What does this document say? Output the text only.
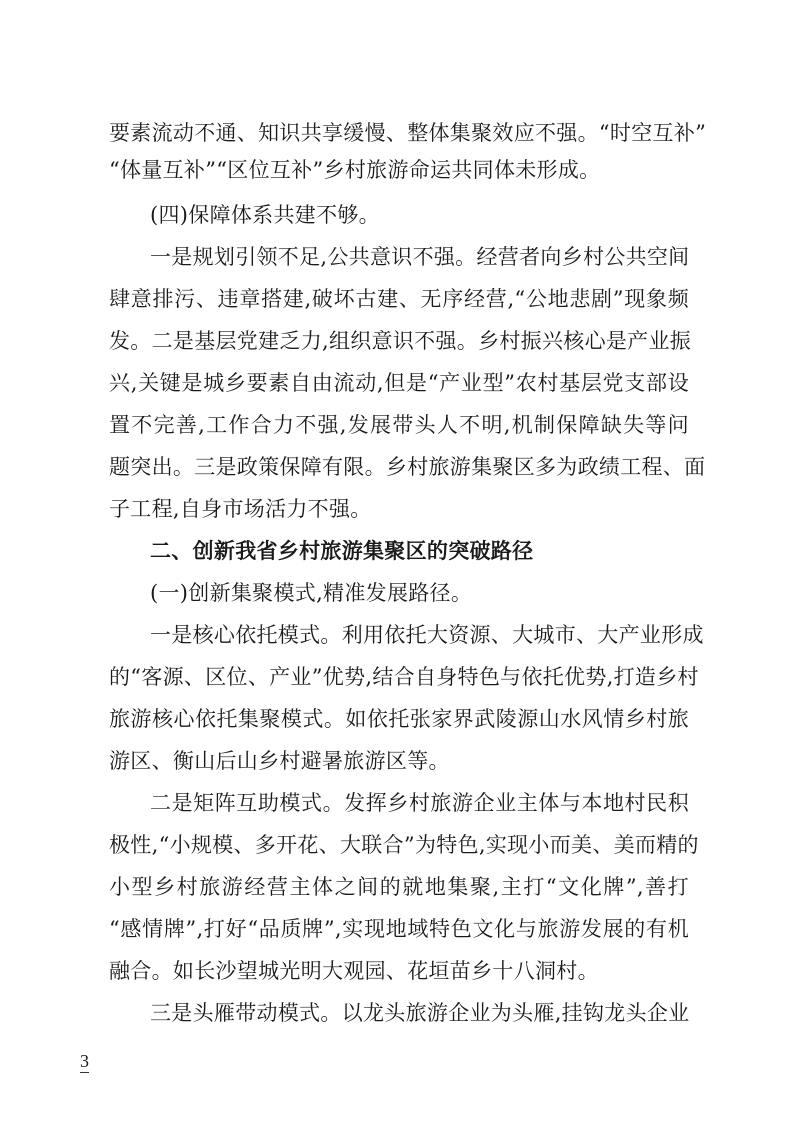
要素流动不通、知识共享缓慢、整体集聚效应不强。“时空互补”
“体量互补”“区位互补”乡村旅游命运共同体未形成。
(四)保障体系共建不够。
一是规划引领不足,公共意识不强。经营者向乡村公共空间
肆意排污、违章搭建,破坏古建、无序经营,“公地悲剧”现象频
发。二是基层党建乏力,组织意识不强。乡村振兴核心是产业振
兴,关键是城乡要素自由流动,但是“产业型”农村基层党支部设
置不完善,工作合力不强,发展带头人不明,机制保障缺失等问
题突出。三是政策保障有限。乡村旅游集聚区多为政绩工程、面
子工程,自身市场活力不强。
二、创新我省乡村旅游集聚区的突破路径
(一)创新集聚模式,精准发展路径。
一是核心依托模式。利用依托大资源、大城市、大产业形成
的“客源、区位、产业”优势,结合自身特色与依托优势,打造乡村
旅游核心依托集聚模式。如依托张家界武陵源山水风情乡村旅
游区、衡山后山乡村避暑旅游区等。
二是矩阵互助模式。发挥乡村旅游企业主体与本地村民积
极性,“小规模、多开花、大联合”为特色,实现小而美、美而精的
小型乡村旅游经营主体之间的就地集聚,主打“文化牌”,善打
“感情牌”,打好“品质牌”,实现地域特色文化与旅游发展的有机
融合。如长沙望城光明大观园、花垣苗乡十八洞村。
三是头雁带动模式。以龙头旅游企业为头雁,挂钩龙头企业
3
